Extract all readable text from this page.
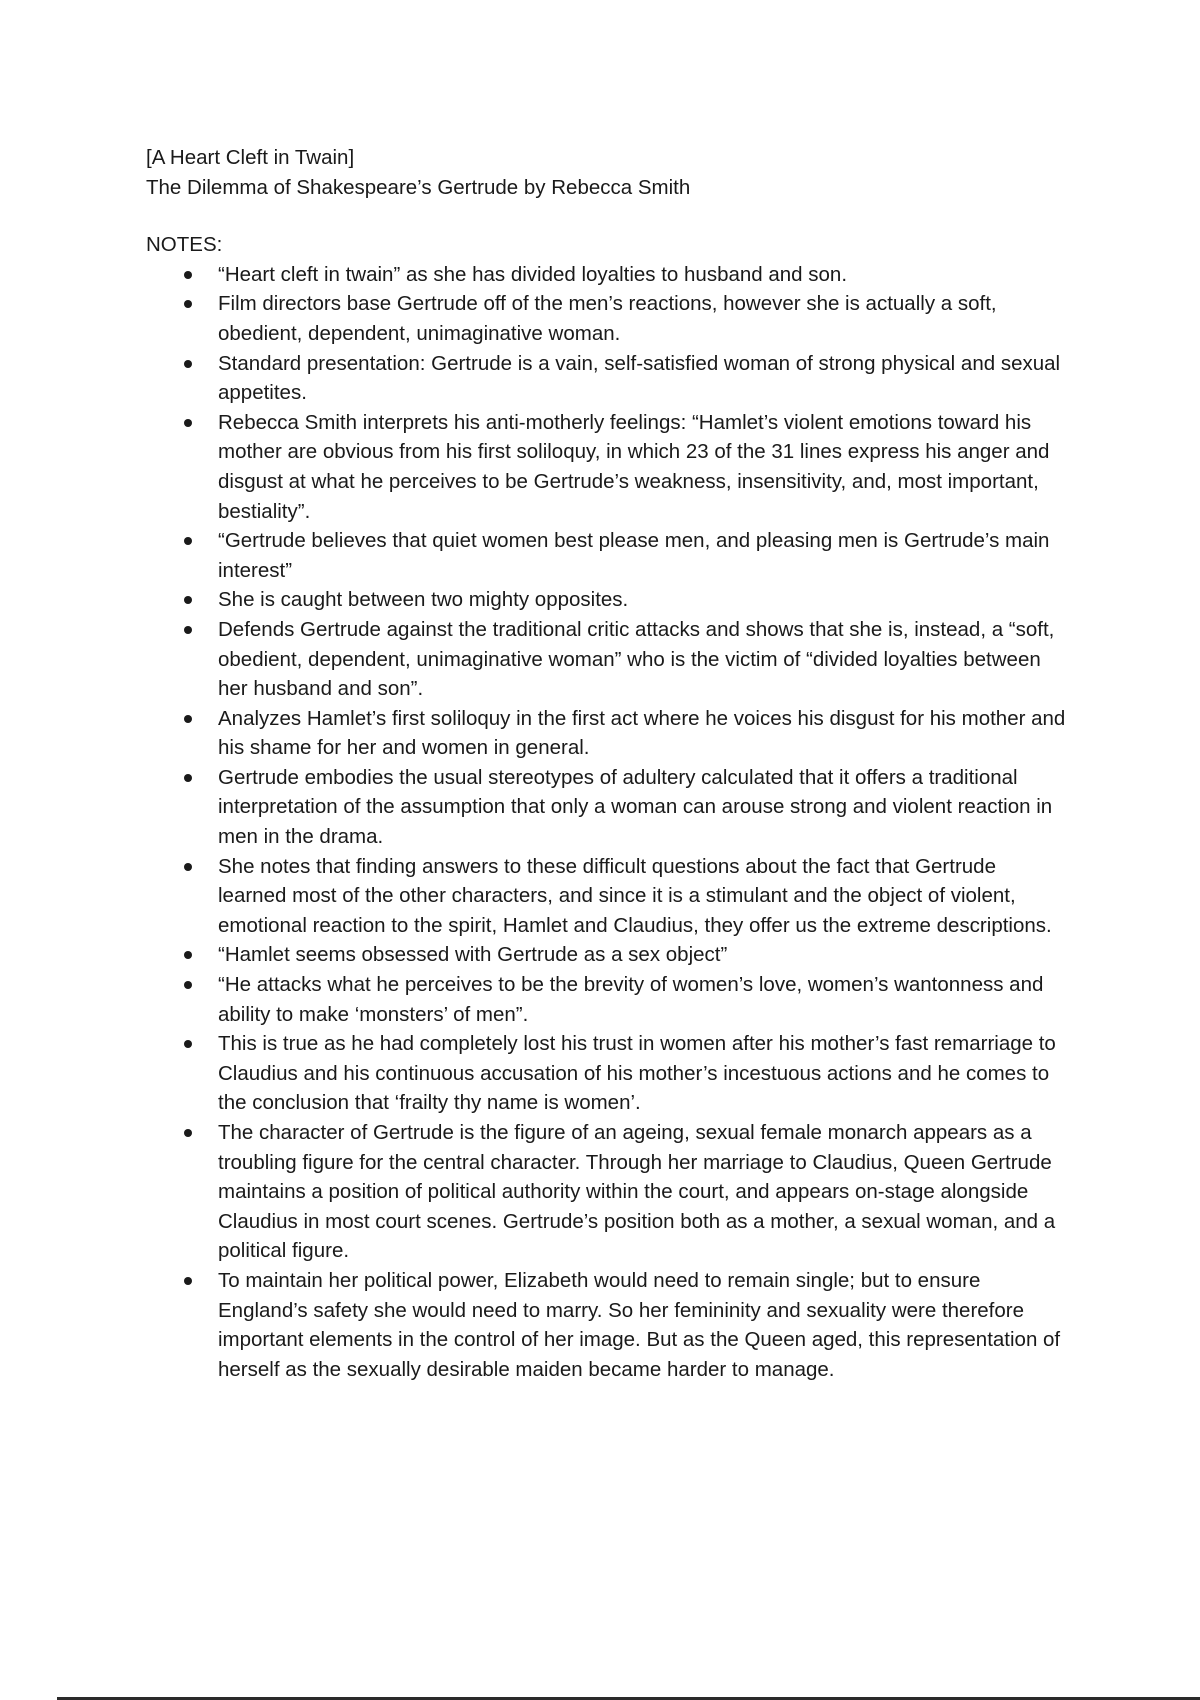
[A Heart Cleft in Twain]

The Dilemma of Shakespeare’s Gertrude by Rebecca Smith

NOTES:

“Heart cleft in twain” as she has divided loyalties to husband and son.
Film directors base Gertrude off of the men’s reactions, however she is actually a soft, obedient, dependent, unimaginative woman.
Standard presentation: Gertrude is a vain, self-satisfied woman of strong physical and sexual appetites.
Rebecca Smith interprets his anti-motherly feelings: “Hamlet’s violent emotions toward his mother are obvious from his first soliloquy, in which 23 of the 31 lines express his anger and disgust at what he perceives to be Gertrude’s weakness, insensitivity, and, most important, bestiality”.
“Gertrude believes that quiet women best please men, and pleasing men is Gertrude’s main interest”
She is caught between two mighty opposites.
Defends Gertrude against the traditional critic attacks and shows that she is, instead, a “soft, obedient, dependent, unimaginative woman” who is the victim of “divided loyalties between her husband and son”.
Analyzes Hamlet’s first soliloquy in the first act where he voices his disgust for his mother and his shame for her and women in general.
Gertrude embodies the usual stereotypes of adultery calculated that it offers a traditional interpretation of the assumption that only a woman can arouse strong and violent reaction in men in the drama.
She notes that finding answers to these difficult questions about the fact that Gertrude learned most of the other characters, and since it is a stimulant and the object of violent, emotional reaction to the spirit, Hamlet and Claudius, they offer us the extreme descriptions.
“Hamlet seems obsessed with Gertrude as a sex object”
“He attacks what he perceives to be the brevity of women’s love, women’s wantonness and ability to make ‘monsters’ of men”.
This is true as he had completely lost his trust in women after his mother’s fast remarriage to Claudius and his continuous accusation of his mother’s incestuous actions and he comes to the conclusion that ‘frailty thy name is women’.
The character of Gertrude is the figure of an ageing, sexual female monarch appears as a troubling figure for the central character. Through her marriage to Claudius, Queen Gertrude maintains a position of political authority within the court, and appears on-stage alongside Claudius in most court scenes. Gertrude’s position both as a mother, a sexual woman, and a political figure.
To maintain her political power, Elizabeth would need to remain single; but to ensure England’s safety she would need to marry. So her femininity and sexuality were therefore important elements in the control of her image. But as the Queen aged, this representation of herself as the sexually desirable maiden became harder to manage.
